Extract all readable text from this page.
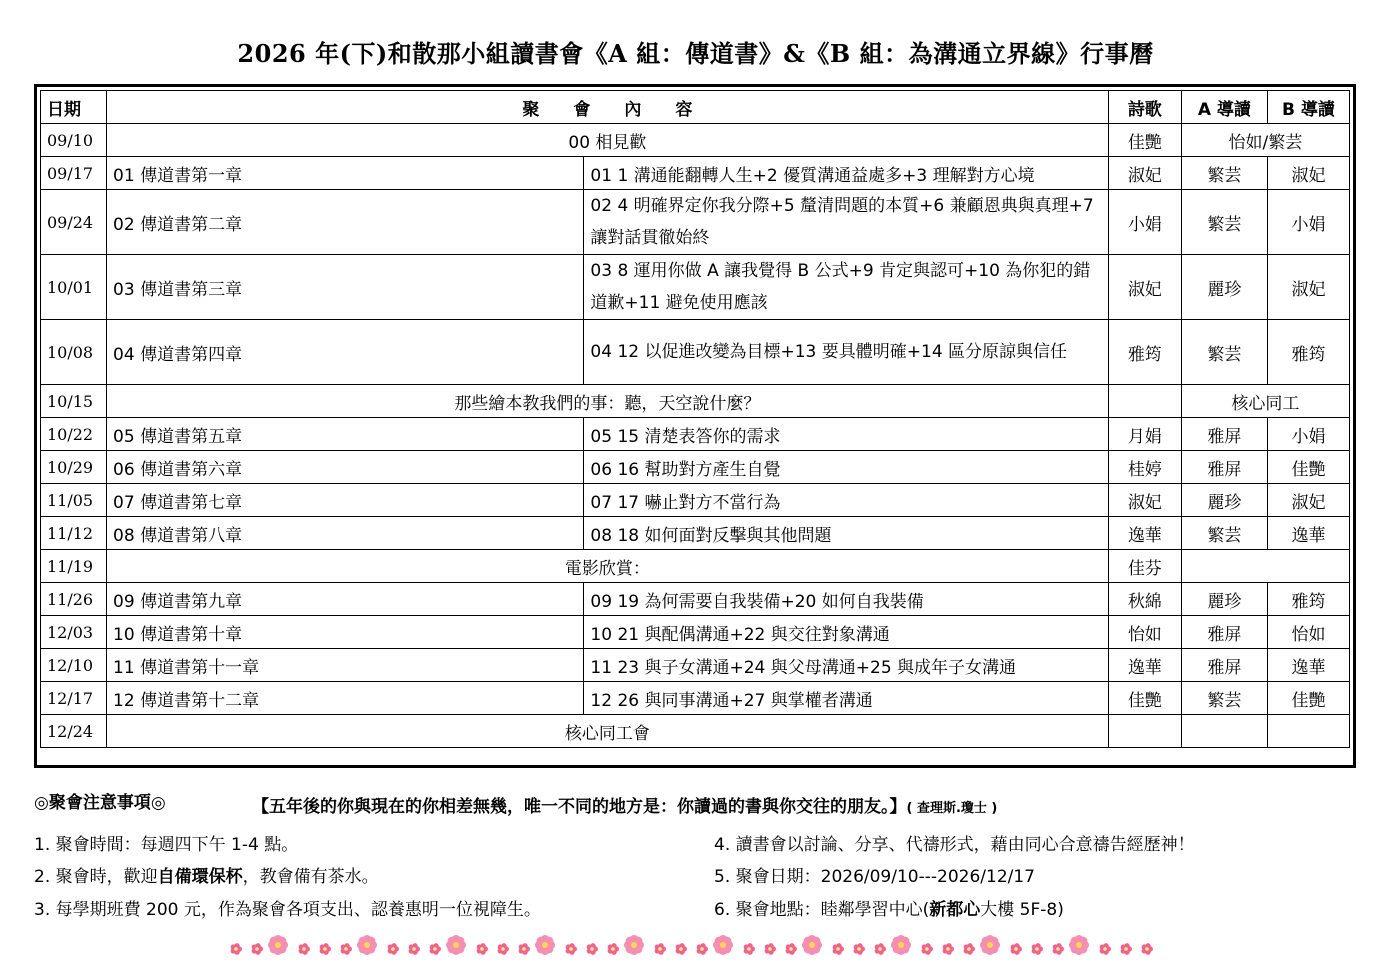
2026 年(下)和散那小組讀書會《A 組：傳道書》&《B 組：為溝通立界線》行事曆
日期	聚　　會　　內　　容		詩歌	A 導讀	B 導讀
09/10	00 相見歡		佳艷	怡如/繁芸	
09/17	01 傳道書第一章	01 1 溝通能翻轉人生+2 優質溝通益處多+3 理解對方心境	淑妃	繁芸	淑妃
09/24	02 傳道書第二章	02 4 明確界定你我分際+5 釐清問題的本質+6 兼顧恩典與真理+7 讓對話貫徹始終	小娟	繁芸	小娟
10/01	03 傳道書第三章	03 8 運用你做 A 讓我覺得 B 公式+9 肯定與認可+10 為你犯的錯道歉+11 避免使用應該	淑妃	麗珍	淑妃
10/08	04 傳道書第四章	04 12 以促進改變為目標+13 要具體明確+14 區分原諒與信任	雅筠	繁芸	雅筠
10/15	那些繪本教我們的事：聽，天空說什麼？			核心同工	
10/22	05 傳道書第五章	05 15 清楚表答你的需求	月娟	雅屏	小娟
10/29	06 傳道書第六章	06 16 幫助對方產生自覺	桂婷	雅屏	佳艷
11/05	07 傳道書第七章	07 17 嚇止對方不當行為	淑妃	麗珍	淑妃
11/12	08 傳道書第八章	08 18 如何面對反擊與其他問題	逸華	繁芸	逸華
11/19	電影欣賞：		佳芬		
11/26	09 傳道書第九章	09 19 為何需要自我裝備+20 如何自我裝備	秋綿	麗珍	雅筠
12/03	10 傳道書第十章	10 21 與配偶溝通+22 與交往對象溝通	怡如	雅屏	怡如
12/10	11 傳道書第十一章	11 23 與子女溝通+24 與父母溝通+25 與成年子女溝通	逸華	雅屏	逸華
12/17	12 傳道書第十二章	12 26 與同事溝通+27 與掌權者溝通	佳艷	繁芸	佳艷
12/24	核心同工會				
◎聚會注意事項◎	【五年後的你與現在的你相差無幾，唯一不同的地方是：你讀過的書與你交往的朋友。】( 查理斯.瓊士 )
1. 聚會時間：每週四下午 1-4 點。
2. 聚會時，歡迎自備環保杯，教會備有茶水。
3. 每學期班費 200 元，作為聚會各項支出、認養惠明一位視障生。
4. 讀書會以討論、分享、代禱形式，藉由同心合意禱告經歷神！
5. 聚會日期：2026/09/10---2026/12/17
6. 聚會地點：睦鄰學習中心(新都心大樓 5F-8)
